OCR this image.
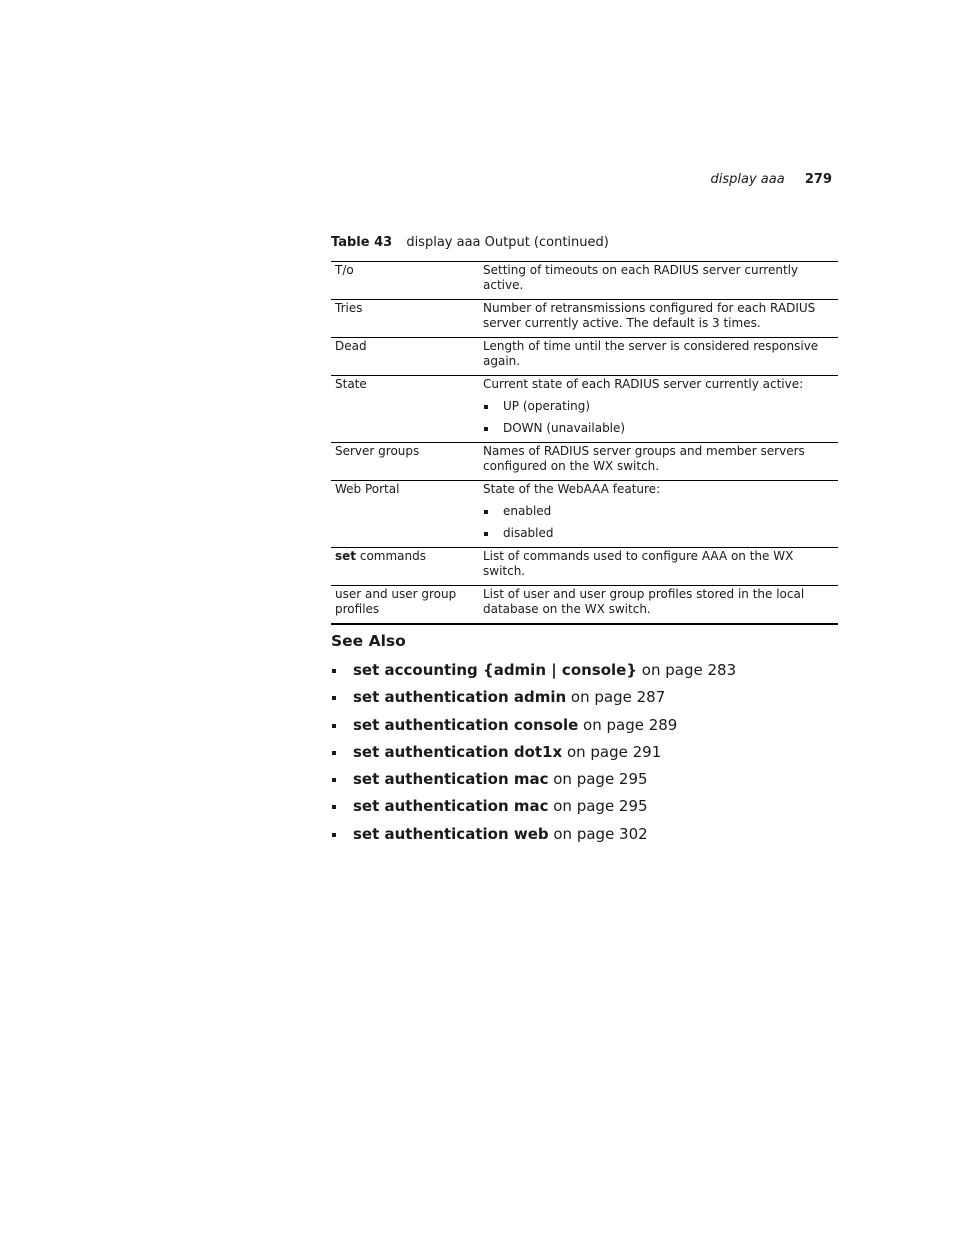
display aaa 279
Table 43 display aaa Output (continued)
T/o	Setting of timeouts on each RADIUS server currently active.
Tries	Number of retransmissions configured for each RADIUS server currently active. The default is 3 times.
Dead	Length of time until the server is considered responsive again.
State	Current state of each RADIUS server currently active:
UP (operating)
DOWN (unavailable)

Server groups	Names of RADIUS server groups and member servers configured on the WX switch.
Web Portal	State of the WebAAA feature:
enabled
disabled

set commands	List of commands used to configure AAA on the WX switch.
user and user group profiles	List of user and user group profiles stored in the local database on the WX switch.
See Also
set accounting {admin | console} on page 283
set authentication admin on page 287
set authentication console on page 289
set authentication dot1x on page 291
set authentication mac on page 295
set authentication mac on page 295
set authentication web on page 302
